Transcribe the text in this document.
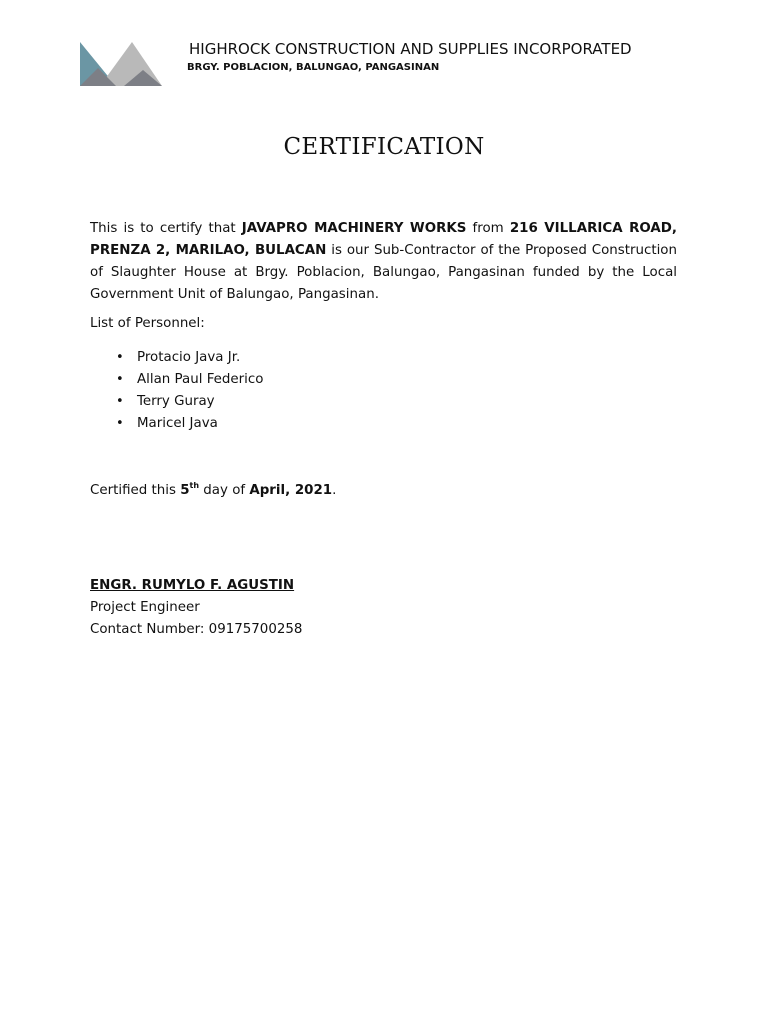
HIGHROCK CONSTRUCTION AND SUPPLIES INCORPORATED
BRGY. POBLACION, BALUNGAO, PANGASINAN
CERTIFICATION

This is to certify that JAVAPRO MACHINERY WORKS from 216 VILLARICA ROAD, PRENZA 2, MARILAO, BULACAN is our Sub-Contractor of the Proposed Construction of Slaughter House at Brgy. Poblacion, Balungao, Pangasinan funded by the Local Government Unit of Balungao, Pangasinan.

List of Personnel:
• Protacio Java Jr.
• Allan Paul Federico
• Terry Guray
• Maricel Java
Certified this 5th day of April, 2021.
ENGR. RUMYLO F. AGUSTIN
Project Engineer
Contact Number: 09175700258
